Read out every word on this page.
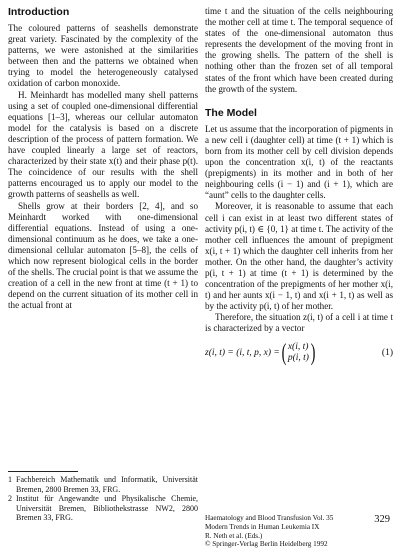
Introduction

The coloured patterns of seashells demonstrate great variety. Fascinated by the complexity of the patterns, we were astonished at the similarities between then and the patterns we obtained when trying to model the heterogeneously catalysed oxidation of carbon monoxide.

H. Meinhardt has modelled many shell patterns using a set of coupled one-dimensional differential equations [1–3], whereas our cellular automaton model for the catalysis is based on a discrete description of the process of pattern formation. We have coupled linearly a large set of reactors, characterized by their state x(t) and their phase p(t). The coincidence of our results with the shell patterns encouraged us to apply our model to the growth patterns of seashells as well.

Shells grow at their borders [2, 4], and so Meinhardt worked with one-dimensional differential equations. Instead of using a one-dimensional continuum as he does, we take a one-dimensional cellular automaton [5–8], the cells of which now represent biological cells in the border of the shells. The crucial point is that we assume the creation of a cell in the new front at time (t + 1) to depend on the current situation of its mother cell in the actual front at

1 Fachbereich Mathematik und Informatik, Universität Bremen, 2800 Bremen 33, FRG.
2 Institut für Angewandte und Physikalische Chemie, Universität Bremen, Bibliothekstrasse NW2, 2800 Bremen 33, FRG.

time t and the situation of the cells neighbouring the mother cell at time t. The temporal sequence of states of the one-dimensional automaton thus represents the development of the moving front in the growing shells. The pattern of the shell is nothing other than the frozen set of all temporal states of the front which have been created during the growth of the system.

The Model

Let us assume that the incorporation of pigments in a new cell i (daughter cell) at time (t + 1) which is born from its mother cell by cell division depends upon the concentration x(i, t) of the reactants (prepigments) in its mother and in both of her neighbouring cells (i − 1) and (i + 1), which are “aunt” cells to the daughter cells.

Moreover, it is reasonable to assume that each cell i can exist in at least two different states of activity p(i, t) ∈ {0, 1} at time t. The activity of the mother cell influences the amount of prepigment x(i, t + 1) which the daughter cell inherits from her mother. On the other hand, the daughter’s activity p(i, t + 1) at time (t + 1) is determined by the concentration of the prepigments of her mother x(i, t) and her aunts x(i − 1, t) and x(i + 1, t) as well as by the activity p(i, t) of her mother.

Therefore, the situation z(i, t) of a cell i at time t is characterized by a vector

z(i, t) = (i, t, p, x) = ( x(i, t)
p(i, t) )	(1)
Haematology and Blood Transfusion Vol. 35
Modern Trends in Human Leukemia IX
R. Neth et al. (Eds.)
© Springer-Verlag Berlin Heidelberg 1992
329
